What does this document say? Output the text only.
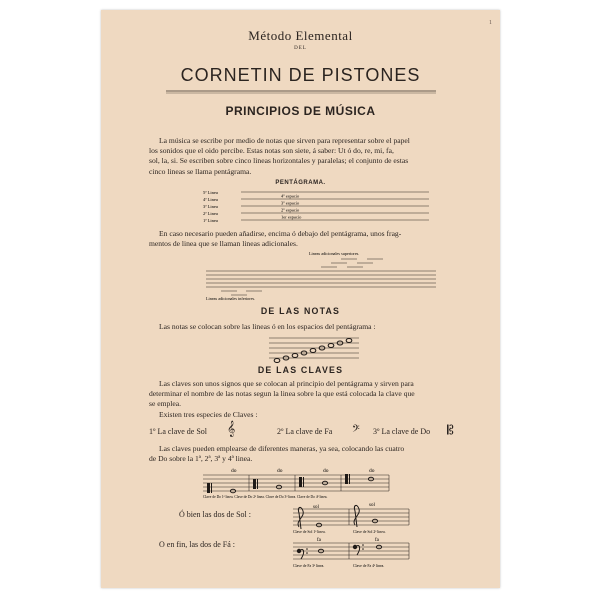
1
Método Elemental
DEL
CORNETIN DE PISTONES
PRINCIPIOS DE MÚSICA
La música se escribe por medio de notas que sirven para representar sobre el papel
los sonidos que el oido percibe. Estas notas son siete, á saber: Ut ó do, re, mi, fa,
sol, la, si. Se escriben sobre cinco lineas horizontales y paralelas; el conjunto de estas
cinco lineas se llama pentágrama.
PENTÁGRAMA.
5ª Linea
4ª Linea
3ª Linea
2ª Linea
1ª Linea
4º espacio
3º espacio
2º espacio
1er espacio
En caso necesario pueden añadirse, encima ó debajo del pentágrama, unos frag-
mentos de linea que se llaman lineas adicionales.
Lineas adicionales superiores.
Lineas adicionales inferiores.
DE LAS NOTAS
Las notas se colocan sobre las lineas ó en los espacios del pentágrama :
DE LAS CLAVES
Las claves son unos signos que se colocan al principio del pentágrama y sirven para
determinar el nombre de las notas segun la linea sobre la que está colocada la clave que
se emplea.
Existen tres especies de Claves :
1º La clave de Sol 𝄞	2º La clave de Fa 𝄢 3º La clave de Do 𝄡
Las claves pueden emplearse de diferentes maneras, ya sea, colocando las cuatro
de Do sobre la 1ª, 2ª, 3ª y 4ª linea.
do	do	do	do
Clave de Do 1ª linea. Clave de Do 2ª linea. Clave de Do 3ª linea. Clave de Do 4ª linea.
Ó bien las dos de Sol :
sol	sol
Clave de Sol 1ª linea.	Clave de Sol 2ª linea.
O en fin, las dos de Fá :	fa	fa
Clave de Fa 3ª linea.	Clave de Fa 4ª linea.
